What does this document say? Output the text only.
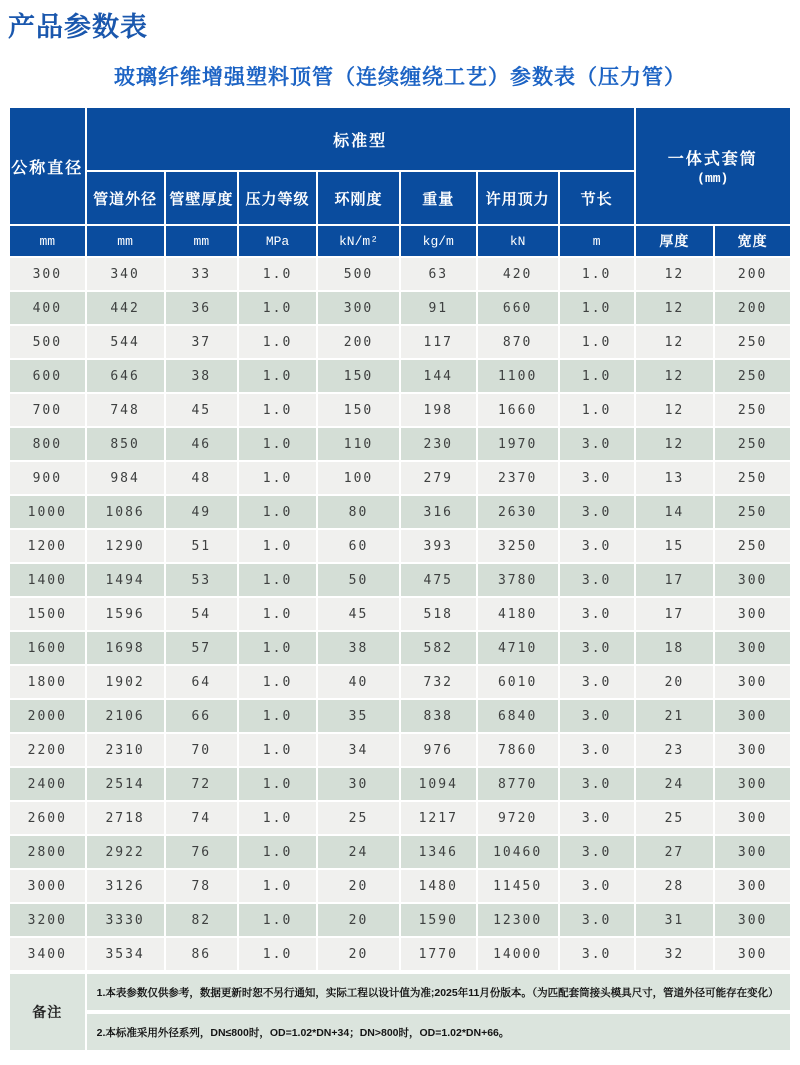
产品参数表
玻璃纤维增强塑料顶管（连续缠绕工艺）参数表（压力管）
公称直径	标准型							一体式套筒
(mm)	

	管道外径	管壁厚度	压力等级	环刚度	重量	许用顶力	节长		
mm	mm	mm	MPa	kN/m²	kg/m	kN	m	厚度	宽度
300	340	33	1.0	500	63	420	1.0	12	200
400	442	36	1.0	300	91	660	1.0	12	200
500	544	37	1.0	200	117	870	1.0	12	250
600	646	38	1.0	150	144	1100	1.0	12	250
700	748	45	1.0	150	198	1660	1.0	12	250
800	850	46	1.0	110	230	1970	3.0	12	250
900	984	48	1.0	100	279	2370	3.0	13	250
1000	1086	49	1.0	80	316	2630	3.0	14	250
1200	1290	51	1.0	60	393	3250	3.0	15	250
1400	1494	53	1.0	50	475	3780	3.0	17	300
1500	1596	54	1.0	45	518	4180	3.0	17	300
1600	1698	57	1.0	38	582	4710	3.0	18	300
1800	1902	64	1.0	40	732	6010	3.0	20	300
2000	2106	66	1.0	35	838	6840	3.0	21	300
2200	2310	70	1.0	34	976	7860	3.0	23	300
2400	2514	72	1.0	30	1094	8770	3.0	24	300
2600	2718	74	1.0	25	1217	9720	3.0	25	300
2800	2922	76	1.0	24	1346	10460	3.0	27	300
3000	3126	78	1.0	20	1480	11450	3.0	28	300
3200	3330	82	1.0	20	1590	12300	3.0	31	300
3400	3534	86	1.0	20	1770	14000	3.0	32	300
备注	1.本表参数仅供参考，数据更新时恕不另行通知，实际工程以设计值为准;2025年11月份版本。（为匹配套筒接头模具尺寸，管道外径可能存在变化）								
	2.本标准采用外径系列，DN≤800时，OD=1.02*DN+34；DN>800时，OD=1.02*DN+66。								
